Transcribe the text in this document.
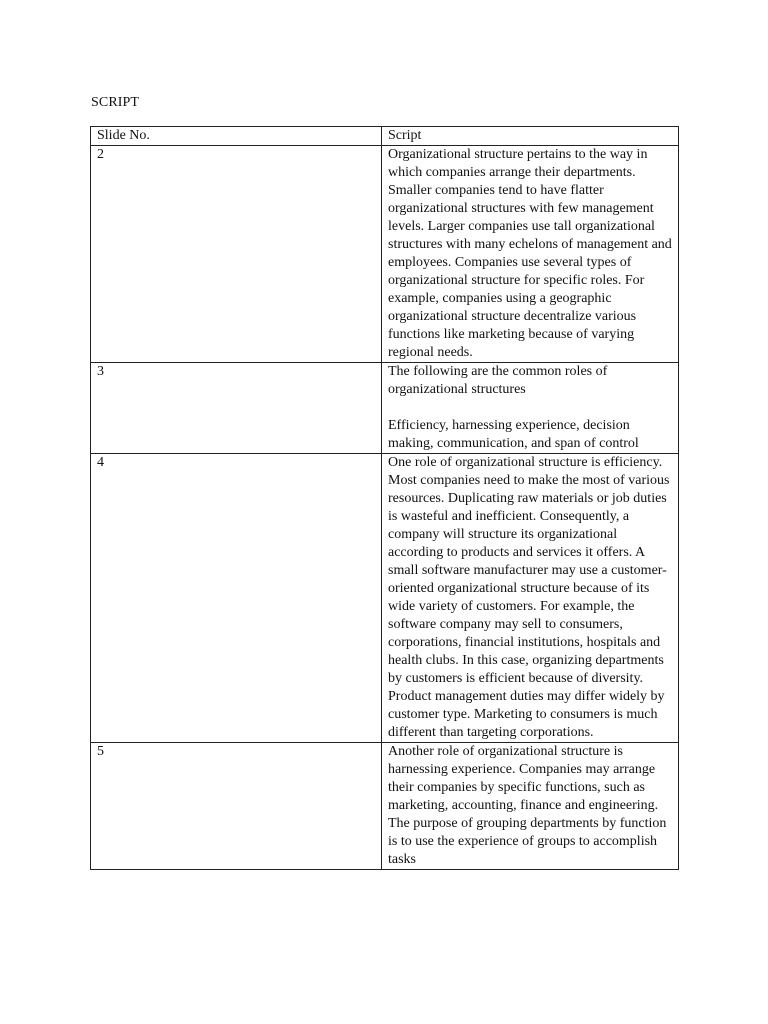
SCRIPT
Slide No.	Script
2	Organizational structure pertains to the way in which companies arrange their departments. Smaller companies tend to have flatter organizational structures with few management levels. Larger companies use tall organizational structures with many echelons of management and employees. Companies use several types of organizational structure for specific roles. For example, companies using a geographic organizational structure decentralize various functions like marketing because of varying regional needs.

3	The following are the common roles of organizational structures
Efficiency, harnessing experience, decision making, communication, and span of control

4	One role of organizational structure is efficiency. Most companies need to make the most of various resources. Duplicating raw materials or job duties is wasteful and inefficient. Consequently, a company will structure its organizational according to products and services it offers. A small software manufacturer may use a customer-oriented organizational structure because of its wide variety of customers. For example, the software company may sell to consumers, corporations, financial institutions, hospitals and health clubs. In this case, organizing departments by customers is efficient because of diversity. Product management duties may differ widely by customer type. Marketing to consumers is much different than targeting corporations.

5	Another role of organizational structure is harnessing experience. Companies may arrange their companies by specific functions, such as marketing, accounting, finance and engineering. The purpose of grouping departments by function is to use the experience of groups to accomplish tasks
